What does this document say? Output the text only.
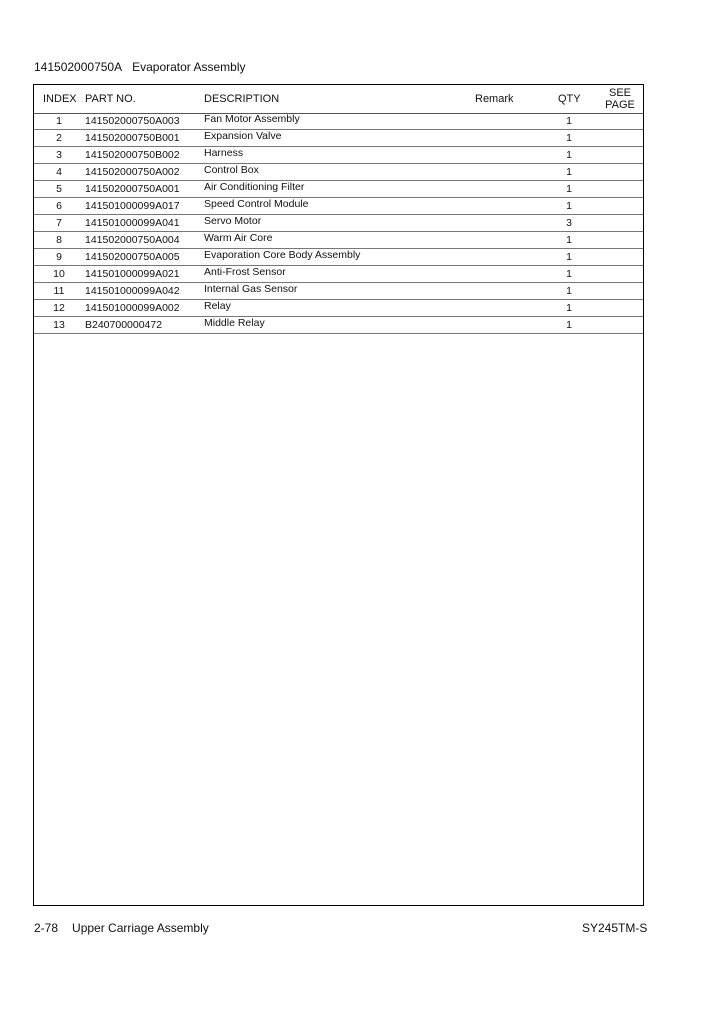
141502000750A Evaporator Assembly
INDEX PART NO.	DESCRIPTION	Remark	QTY	SEE
PAGE
1	141502000750A003 Fan Motor Assembly	1
2	141502000750B001 Expansion Valve	1
3	141502000750B002 Harness	1
4	141502000750A002 Control Box	1
5	141502000750A001 Air Conditioning Filter	1
6	141501000099A017 Speed Control Module	1
7	141501000099A041 Servo Motor	3
8	141502000750A004 Warm Air Core	1
9	141502000750A005 Evaporation Core Body Assembly	1
10	141501000099A021 Anti-Frost Sensor	1
11	141501000099A042 Internal Gas Sensor	1
12	141501000099A002 Relay	1
13	B240700000472	Middle Relay	1
2-78 Upper Carriage Assembly	SY245TM-S
